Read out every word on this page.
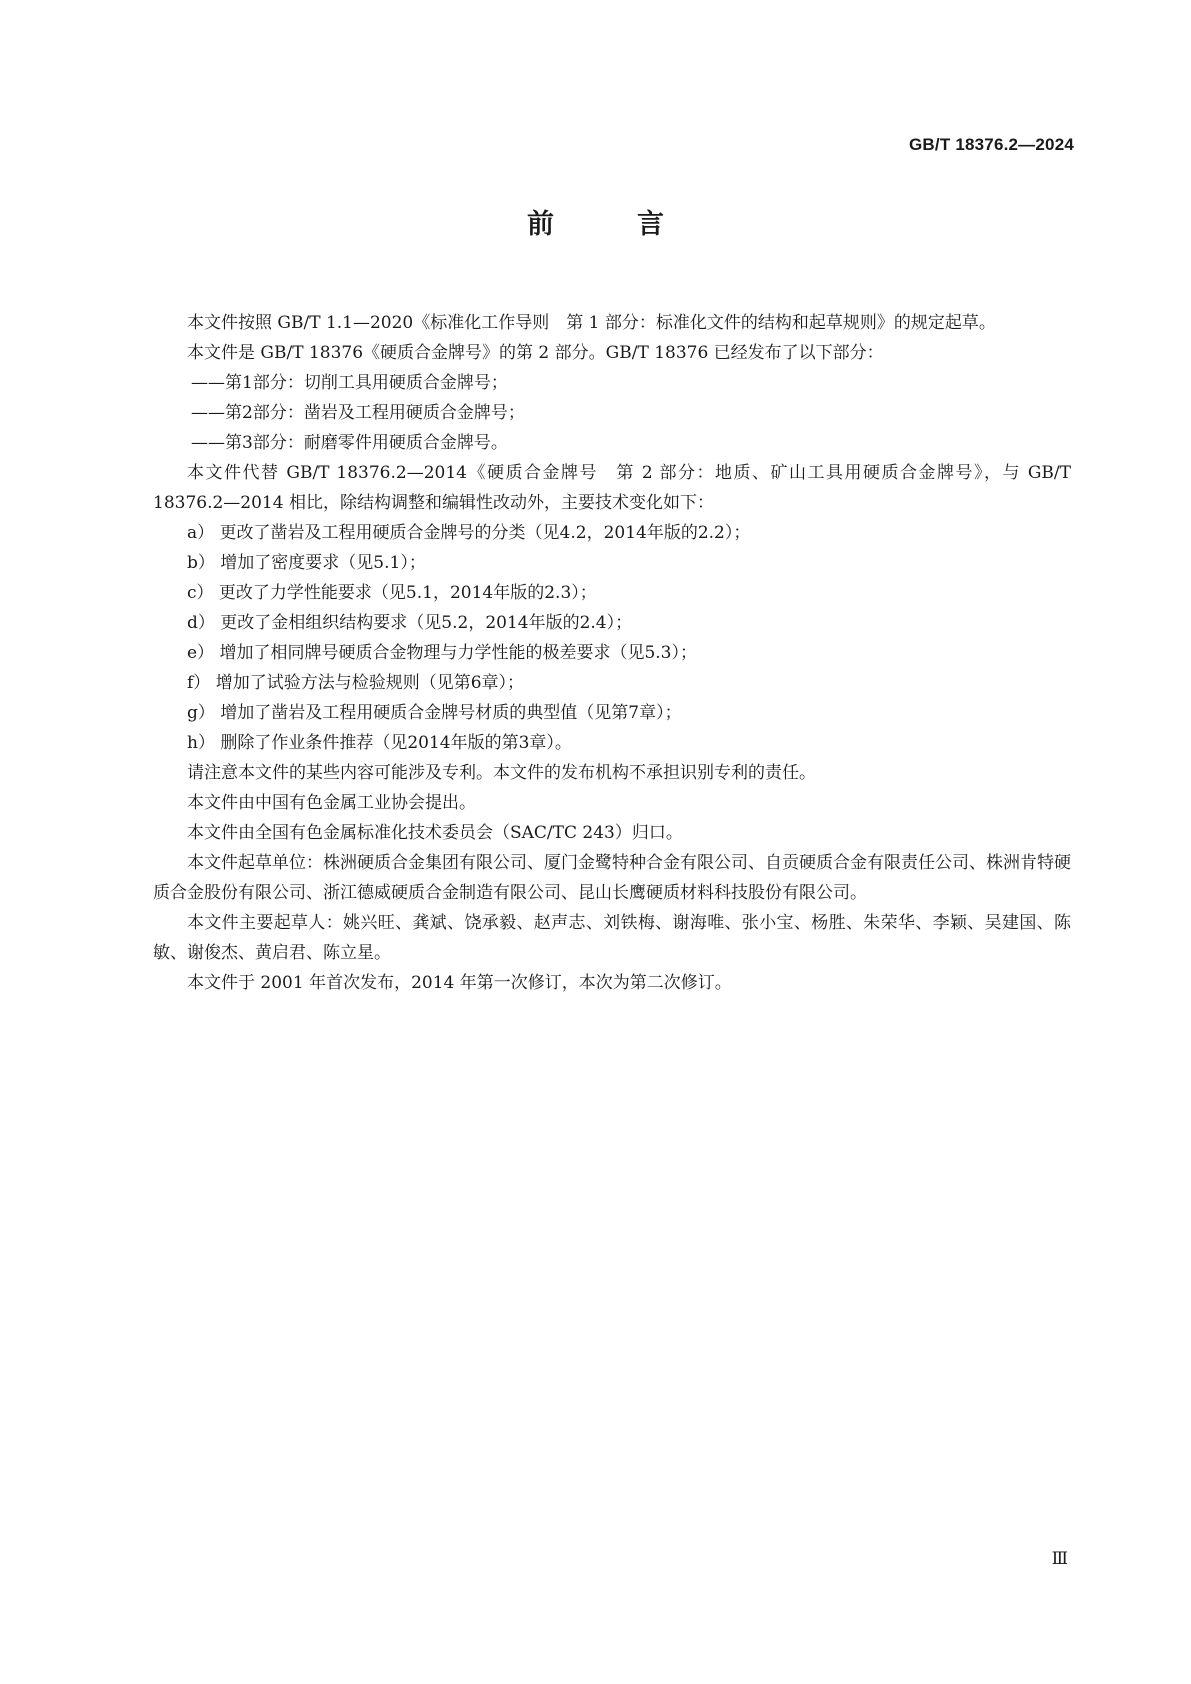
GB/T 18376.2—2024
前　言

本文件按照 GB/T 1.1—2020《标准化工作导则　第 1 部分：标准化文件的结构和起草规则》的规定起草。

本文件是 GB/T 18376《硬质合金牌号》的第 2 部分。GB/T 18376 已经发布了以下部分：

——第1部分：切削工具用硬质合金牌号；

——第2部分：凿岩及工程用硬质合金牌号；

——第3部分：耐磨零件用硬质合金牌号。

本文件代替 GB/T 18376.2—2014《硬质合金牌号　第 2 部分：地质、矿山工具用硬质合金牌号》，与 GB/T 18376.2—2014 相比，除结构调整和编辑性改动外，主要技术变化如下：

a） 更改了凿岩及工程用硬质合金牌号的分类（见4.2，2014年版的2.2）；

b） 增加了密度要求（见5.1）；

c） 更改了力学性能要求（见5.1，2014年版的2.3）；

d） 更改了金相组织结构要求（见5.2，2014年版的2.4）；

e） 增加了相同牌号硬质合金物理与力学性能的极差要求（见5.3）；

f） 增加了试验方法与检验规则（见第6章）；

g） 增加了凿岩及工程用硬质合金牌号材质的典型值（见第7章）；

h） 删除了作业条件推荐（见2014年版的第3章）。

请注意本文件的某些内容可能涉及专利。本文件的发布机构不承担识别专利的责任。

本文件由中国有色金属工业协会提出。

本文件由全国有色金属标准化技术委员会（SAC/TC 243）归口。

本文件起草单位：株洲硬质合金集团有限公司、厦门金鹭特种合金有限公司、自贡硬质合金有限责任公司、株洲肯特硬质合金股份有限公司、浙江德威硬质合金制造有限公司、昆山长鹰硬质材料科技股份有限公司。

本文件主要起草人：姚兴旺、龚斌、饶承毅、赵声志、刘铁梅、谢海唯、张小宝、杨胜、朱荣华、李颖、吴建国、陈敏、谢俊杰、黄启君、陈立星。

本文件于 2001 年首次发布，2014 年第一次修订，本次为第二次修订。

Ⅲ
